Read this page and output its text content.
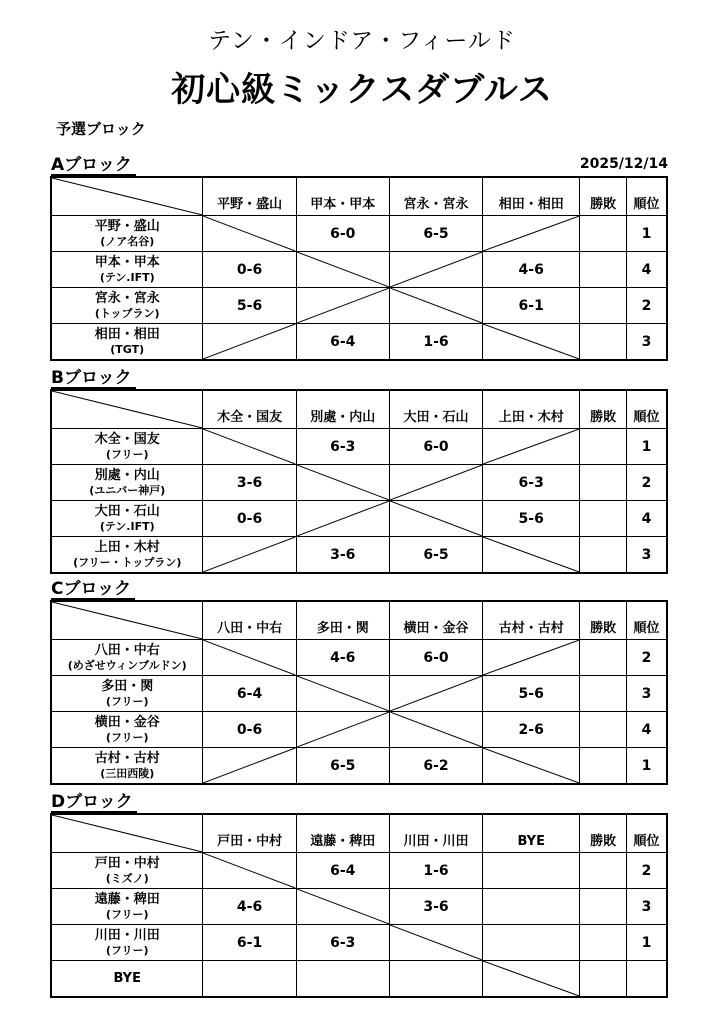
テン・インドア・フィールド
初心級ミックスダブルス
予選ブロック
2025/12/14
Aブロック
	平野・盛山	甲本・甲本	宮永・宮永	相田・相田	勝敗	順位

平野・盛山
(ノア名谷)		6-0	6-5			1

甲本・甲本
(テン.IFT)	0-6			4-6		4

宮永・宮永
(トップラン)	5-6			6-1		2

相田・相田
(TGT)		6-4	1-6			3
Bブロック
	木全・国友	別處・内山	大田・石山	上田・木村	勝敗	順位

木全・国友
(フリー)		6-3	6-0			1

別處・内山
(ユニバー神戸)	3-6			6-3		2

大田・石山
(テン.IFT)	0-6			5-6		4

上田・木村
(フリー・トップラン)		3-6	6-5			3
Cブロック
	八田・中右	多田・関	横田・金谷	古村・古村	勝敗	順位

八田・中右
(めざせウィンブルドン)		4-6	6-0			2

多田・関
(フリー)	6-4			5-6		3

横田・金谷
(フリー)	0-6			2-6		4

古村・古村
(三田西陵)		6-5	6-2			1
Dブロック
	戸田・中村	遠藤・稗田	川田・川田	BYE	勝敗	順位

戸田・中村
(ミズノ)		6-4	1-6			2

遠藤・稗田
(フリー)	4-6		3-6			3

川田・川田
(フリー)	6-1	6-3				1

BYE
